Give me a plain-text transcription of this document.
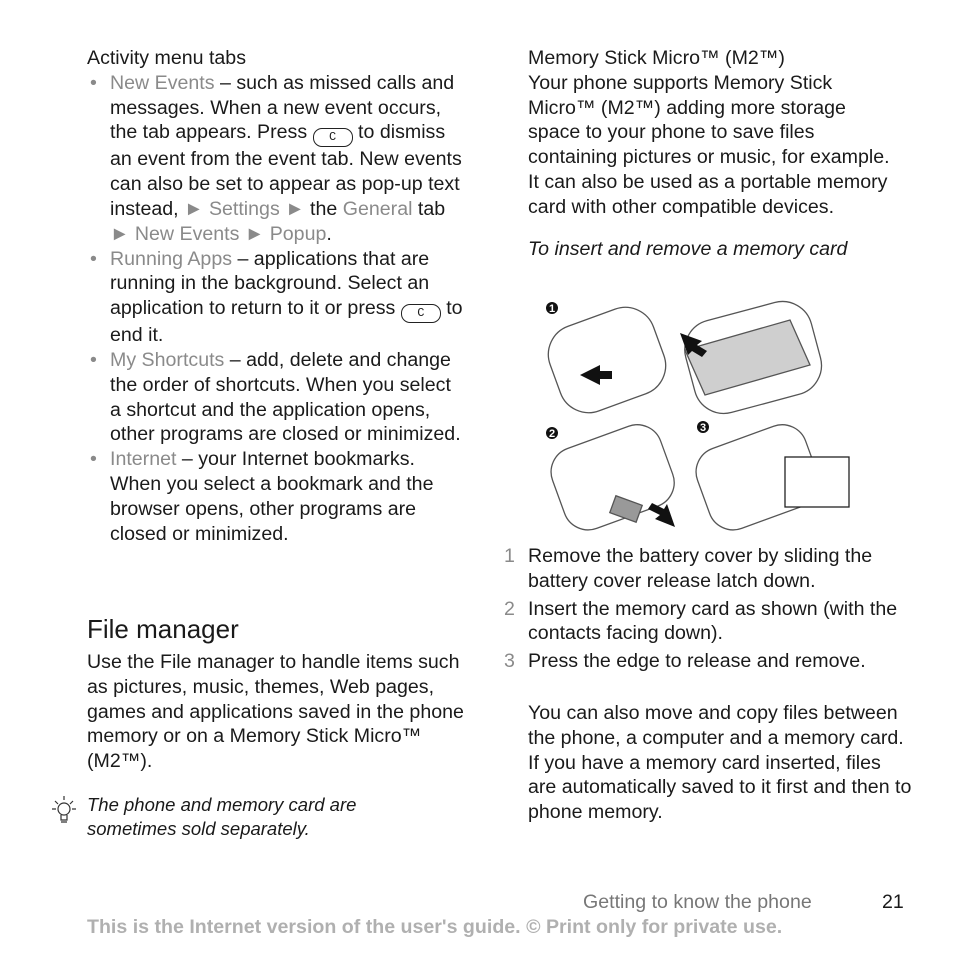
Activity menu tabs
• New Events – such as missed calls and messages. When a new event occurs, the tab appears. Press C to dismiss an event from the event tab. New events can also be set to appear as pop-up text instead, ► Settings ► the General tab ► New Events ► Popup.
• Running Apps – applications that are running in the background. Select an application to return to it or press C to end it.
• My Shortcuts – add, delete and change the order of shortcuts. When you select a shortcut and the application opens, other programs are closed or minimized.
• Internet – your Internet bookmarks. When you select a bookmark and the browser opens, other programs are closed or minimized.
File manager
Use the File manager to handle items such as pictures, music, themes, Web pages, games and applications saved in the phone memory or on a Memory Stick Micro™ (M2™).
The phone and memory card are sometimes sold separately.
Memory Stick Micro™ (M2™)
Your phone supports Memory Stick Micro™ (M2™) adding more storage space to your phone to save files containing pictures or music, for example. It can also be used as a portable memory card with other compatible devices.
To insert and remove a memory card
1
2	3
1 Remove the battery cover by sliding the battery cover release latch down.
2 Insert the memory card as shown (with the contacts facing down).
3 Press the edge to release and remove.
You can also move and copy files between the phone, a computer and a memory card. If you have a memory card inserted, files are automatically saved to it first and then to phone memory.
Getting to know the phone	21
This is the Internet version of the user's guide. © Print only for private use.
